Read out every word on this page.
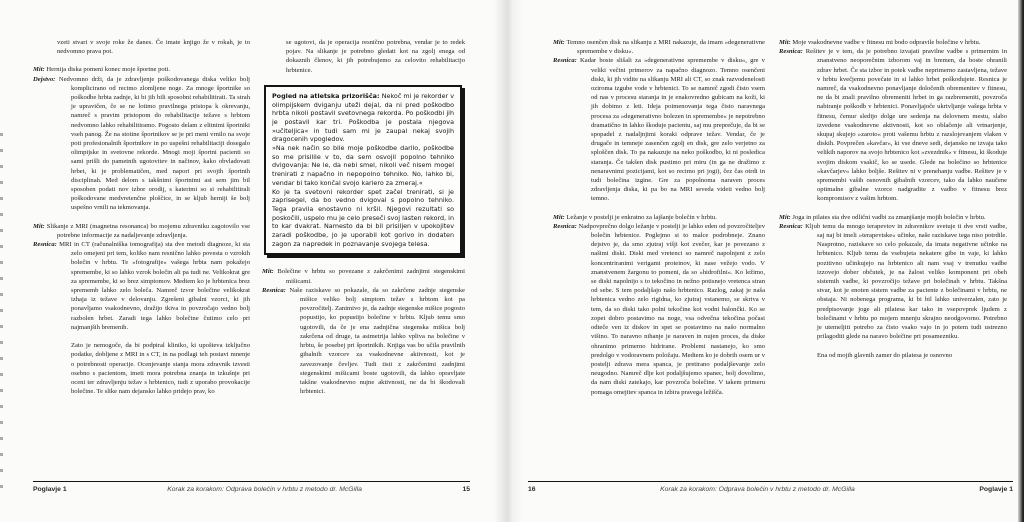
vzeti stvari v svoje roke že danes. Če imate knjigo že v rokah, je to nedvomno prava pot.
Mit: Hernija diska pomeni konec moje športne poti.
Dejstvo: Nedvomno drži, da je zdravljenje poškodovanega diska veliko bolj komplicirano od recimo zlomljene noge. Za mnoge športnike so poškodbe hrbta zadnje, ki bi jih bili sposobni rehabilitirati. Ta strah je upravičen, če se ne lotimo pravilnega pristopa k okrevanju, namreč s pravim pristopom do rehabilitacije težave s hrbtom nedvomno lahko rehabilitiramo. Pogosto delam z elitnimi športniki vseh panog. Že na stotine športnikov se je pri meni vrnilo na svoje poti profesionalnih športnikov in po uspešni rehabilitaciji dosegalo olimpijske in svetovne rekorde. Mnogi moji športni pacienti so sami prišli do pametnih ugotovitev in načinov, kako obvladovati hrbet, ki je problematičen, med napori pri svojih športnih disciplinah. Med delom s takšnimi športnimi asi sem jim bil sposoben podati nov izbor orodij, s katerimi so si rehabilitirali poškodovane medvretenčne ploščice, in se kljub herniji še bolj uspešno vrnili na tekmovanja.
Mit: Slikanje z MRI (magnetna resonanca) bo mojemu zdravniku zagotovilo vse potrebne informacije za nadaljevanje zdravljenja.
Resnica: MRI in CT (računalniška tomografija) sta dve metodi diagnoze, ki sta zelo omejeni pri tem, koliko nam resnično lahko povesta o vzrokih bolečin v hrbtu. Te »fotografije« vašega hrbta nam pokažejo spremembe, ki so lahko vzrok bolečin ali pa tudi ne. Velikokrat gre za spremembe, ki so brez simptomov. Medtem ko je hrbtenica brez sprememb lahko zelo boleča. Namreč izvor bolečine velikokrat izhaja iz težave v delovanju. Zgrešeni gibalni vzorci, ki jih ponavljamo vsakodnevno, dražijo tkiva in povzročajo vedno bolj razbolen hrbet. Zaradi tega lahko bolečine čutimo celo pri najmanjših bremenih.
Zato je nemogoče, da bi podpiral kliniko, ki upošteva izključno podatke, dobljene z MRI in s CT, in na podlagi teh postavi mnenje o potrebnosti operacije. Ocenjevanje stanja mora zdravnik izvesti osebno s pacientom, imeti mora potrebna znanja in izkušnje pri oceni ter zdravljenju težav s hrbtenico, tudi z uporabo provokacije bolečine. Te slike nam dejansko lahko pridejo prav, ko
se ugotovi, da je operacija resnično potrebna, vendar je to redek pojav. Na slikanje je potrebno gledati kot na zgolj enega od dokaznih členov, ki jih potrebujemo za celovito rehabilitacijo hrbtenice.
Pogled na atletska prizorišča: Nekoč mi je rekorder v olimpijskem dviganju uteži dejal, da ni pred poškodbo hrbta nikoli postavil svetovnega rekorda. Po poškodbi jih je postavil kar tri. Poškodba je postala njegova »učiteljica« in tudi sam mi je zaupal nekaj svojih dragocenih vpogledov.
»Na nek način so bile moje poškodbe darilo, poškodbe so me prisilile v to, da sem osvojil popolno tehniko dvigovanja: Ne le, da nebi smel, nikoli več nisem mogel trenirati z napačno in nepopolno tehniko. No, lahko bi, vendar bi tako končal svojo kariero za zmeraj.«
Ko je ta svetovni rekorder spet začel trenirati, si je zaprisegel, da bo vedno dvigoval s popolno tehniko. Tega pravila enostavno ni kršil. Njegovi rezultati so poskočili, uspelo mu je celo preseči svoj lasten rekord, in to kar dvakrat. Namesto da bi bil prisiljen v upokojitev zaradi poškodbe, jo je uporabil kot gorivo in dodaten zagon za napredek in poznavanje svojega telesa.
Mit: Bolečine v hrbtu so povezane z zakrčenimi zadnjimi stegenskimi mišicami.
Resnica: Naše raziskave so pokazale, da so zakrčene zadnje stegenske mišice veliko bolj simptom težav s hrbtom kot pa povzročitelj. Zanimivo je, da zadnje stegenske mišice pogosto popustijo, ko popustijo bolečine v hrbtu. Kljub temu smo ugotovili, da če je ena zadnjična stegenska mišica bolj zakrčena od druge, ta asimetrija lahko vpliva na bolečine v hrbtu, še posebej pri športnikih. Knjiga vas bo učila pravilnih gibalnih vzorcev za vsakodnevne aktivnosti, kot je zavezovanje čevljev. Tudi tisti z zakrčenimi zadnjimi stegenskimi mišicami boste ugotovili, da lahko opravljate takšne vsakodnevno nujne aktivnosti, ne da bi škodovali hrbtenici.
Mit: Temno osenčen disk na slikanju z MRI nakazuje, da imam »degenerativne spremembe v disku«.
Resnica: Kadar boste slišali za »degenerativne spremembe v disku«, gre v veliki večini primerov za napačno diagnozo. Temno osenčeni diski, ki jih vidite na slikanju MRI ali CT, so znak razvodenelosti oziroma izgube vode v hrbtenici. To se namreč zgodi čisto vsem od nas v procesu staranja in je enakovredno gubicam na koži, ki jih dobimo z leti. Ideja poimenovanja tega čisto naravnega procesa za »degenerativno bolezen in spremembe« je nepotrebno dramatično in lahko škoduje pacientu, saj mu preprečuje, da bi se spopadel z nadaljnjimi koraki odprave težav. Vendar, če je drugače in temneje zasenčen zgolj en disk, gre zelo verjetno za sploščen disk. To pa nakazuje na neko poškodbo, ki ni posledica staranja. Če takšen disk pustimo pri miru (in ga ne dražimo z nenaravnimi pozicijami, kot so recimo pri jogi), čez čas otrdi in tudi bolečina izgine. Gre za popolnoma naraven proces zdravljenja diska, ki pa bo na MRI seveda videti vedno bolj temno.
Mit: Ležanje v postelji je enkratno za lajšanje bolečin v hrbtu.
Resnica: Nadpovprečno dolgo ležanje v postelji je lahko eden od povzročiteljev bolečin hrbtenice. Poglejmo si to malce podrobneje. Znano dejstvo je, da smo zjutraj višji kot zvečer, kar je povezano z našimi diski. Diski med vretenci so namreč napolnjeni z zelo koncentriranimi verigami proteinov, ki nase vežejo vodo. V znanstvenem žargonu to pomeni, da so »hidrofilni«. Ko ležimo, se diski napolnijo s to tekočino in nežno potisnejo vretenca stran od sebe. S tem podaljšajo našo hrbtenico. Razlog, zakaj je naša hrbtenica vedno zelo rigidna, ko zjutraj vstanemo, se skriva v tem, da so diski tako polni tekočine kot vodni balončki. Ko se zopet dobro postavimo na noge, vsa odvečna tekočina počasi odteče ven iz diskov in spet se postavimo na našo normalno višino. To naravno nihanje je naraven in nujen proces, da diske ohranimo primerno hidrirane. Problemi nastanejo, ko smo predolgo v vodoravnem položaju. Medtem ko je dobrih osem ur v postelji zdrava mera spanca, je pretirano podaljševanje zelo neugodno. Namreč dlje kot podaljšujemo spanec, bolj dovolimo, da nam diski zatekajo, kar povzroča bolečine. V takem primeru pomaga omejitev spanca in izbira pravega ležišča.
Mit: Moje vsakodnevne vadbe v fitnesu mi bodo odpravile bolečine v hrbtu.
Resnica: Rešitev je v tem, da je potrebno izvajati pravilne vadbe s primernim in znanstveno neoporečnim izborom vaj in bremen, da boste ohranili zdrav hrbet. Če sta izbor in potek vadbe neprimerno zastavljena, težave v hrbtu kvečjemu povečate in si lahko hrbet poškodujete. Resnica je namreč, da vsakodnevno ponavljanje določenih obremenitev v fitnesu, ne da bi znali pravilno obremeniti hrbet in ga razbremeniti, povzroča nabiranje poškodb v hrbtenici. Ponavljajoče ukrivljanje vašega hrbta v fitnesu, čemur sledijo dolge ure sedenja na delovnem mestu, slabo izvedene vsakodnevne aktivnosti, kot so oblačenje ali vrtnarjenje, skupaj skujejo »zaroto« proti vašemu hrbtu z razslojevanjem vlaken v diskih. Povprečen »kavčar«, ki vse dneve sedi, dejansko ne izvaja tako velikih naporov na svojo hrbtenico kot »zvezdnik« v fitnesu, ki škoduje svojim diskom vsakič, ko se usede. Glede na bolečino so hrbtenice »kavčarjev« lahko boljše. Rešitev ni v prenehanju vadbe. Rešitev je v spremembi vaših osnovnih gibalnih vzorcev, tako da lahko naučene optimalne gibalne vzorce nadgradite z vadbo v fitnesu brez kompromisov z vašim hrbtom.
Mit: Joga in pilates sta dve odlični vadbi za zmanjšanje mojih bolečin v hrbtu.
Resnica: Kljub temu da mnogo terapevtov in zdravnikov svetuje ti dve vrsti vadbe, saj naj bi imeli »terapevtske« učinke, naše raziskave tega niso potrdile. Nasprotno, raziskave so celo pokazale, da imata negativne učinke na hrbtenico. Kljub temu da vsebujeta nekatere gibe in vaje, ki lahko pozitivno učinkujejo na hrbtenico ali nam vsaj v trenutku vadbe izzovejo dober občutek, je na žalost veliko komponent pri obeh sistemih vadbe, ki povzročijo težave pri bolečinah v hrbtu. Takšna stvar, kot je enoten sistem vadbe za paciente z bolečinami v hrbtu, ne obstaja. Ni nobenega programa, ki bi bil lahko univerzalen, zato je predpisovanje joge ali pilatesa kar tako in vsepovprek ljudem z bolečinami v hrbtu po mojem mnenju skrajno neodgovorno. Potrebno je utemeljiti potrebo za čisto vsako vajo in jo potem tudi ustrezno prilagoditi glede na naravo bolečine pri posamezniku.
Ena od mojih glavnih zamer do pilatesa je osnovno
Poglavje 1	Korak za korakom: Odprava bolečin v hrbtu z metodo dr. McGilla	15	16	Korak za korakom: Odprava bolečin v hrbtu z metodo dr. McGilla	Poglavje 1
